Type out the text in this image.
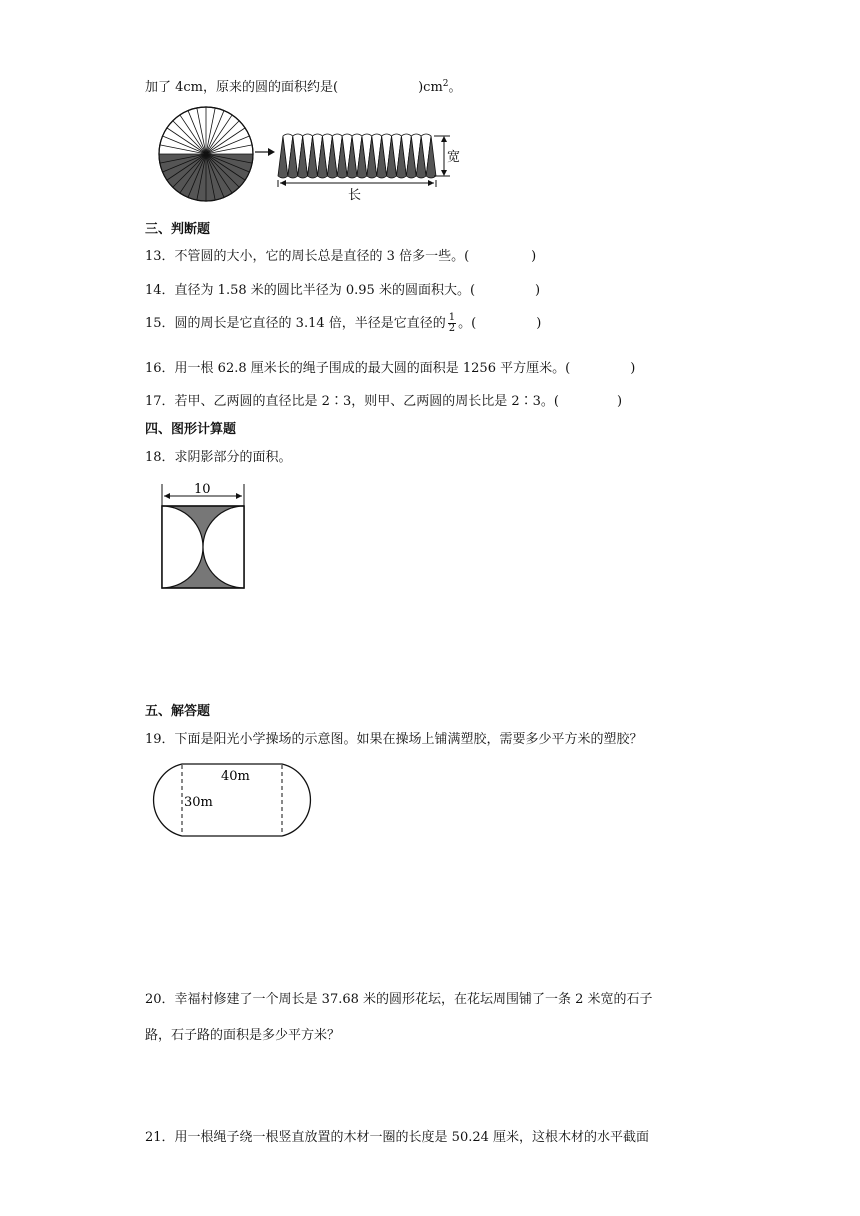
加了 4cm，原来的圆的面积约是(	)$cm^2$。
宽
长
三、判断题
13．不管圆的大小，它的周长总是直径的 3 倍多一些。(	)
14．直径为 1.58 米的圆比半径为 0.95 米的圆面积大。(	)
15．圆的周长是它直径的 3.14 倍，半径是它直径的 $\frac{1}{2}$ 。(	)
16．用一根 62.8 厘米长的绳子围成的最大圆的面积是 1256 平方厘米。(	)
17．若甲、乙两圆的直径比是 2∶3，则甲、乙两圆的周长比是 2∶3。(	)
四、图形计算题
18．求阴影部分的面积。
10
五、解答题
19．下面是阳光小学操场的示意图。如果在操场上铺满塑胶，需要多少平方米的塑胶？
40m
30m
20．幸福村修建了一个周长是 37.68 米的圆形花坛，在花坛周围铺了一条 2 米宽的石子
路，石子路的面积是多少平方米？
21．用一根绳子绕一根竖直放置的木材一圈的长度是 50.24 厘米，这根木材的水平截面
